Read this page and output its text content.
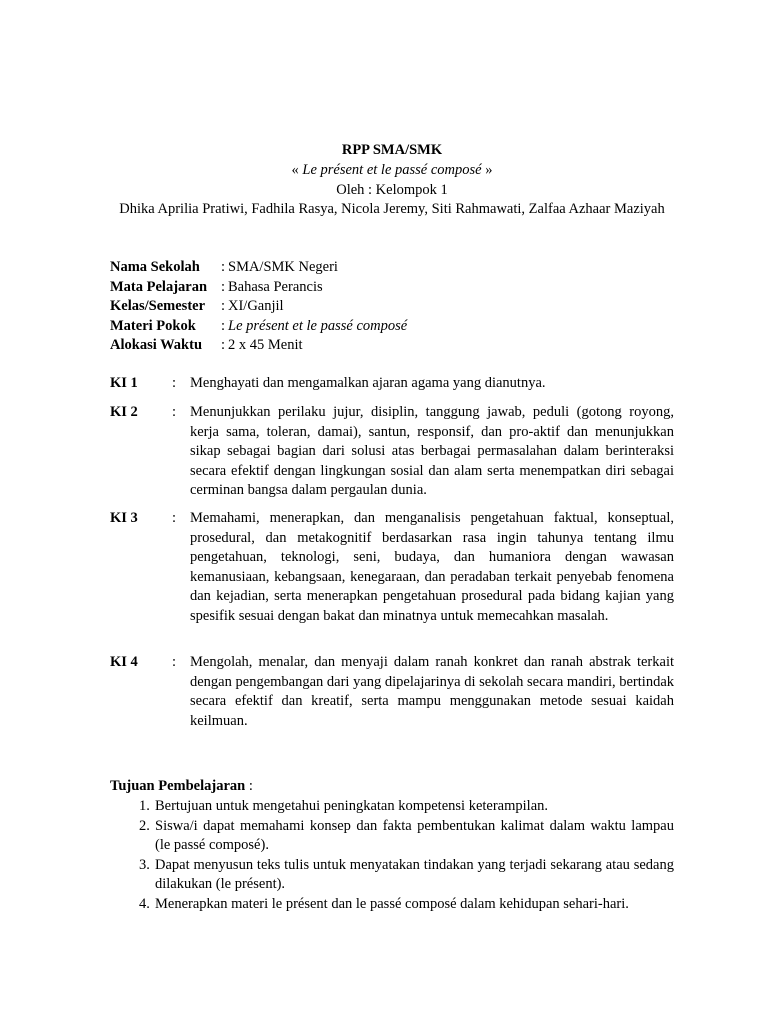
RPP SMA/SMK
« Le présent et le passé composé »
Oleh : Kelompok 1
Dhika Aprilia Pratiwi, Fadhila Rasya, Nicola Jeremy, Siti Rahmawati, Zalfaa Azhaar Maziyah
Nama Sekolah	: SMA/SMK Negeri
Mata Pelajaran : Bahasa Perancis
Kelas/Semester	: XI/Ganjil
Materi Pokok	: Le présent et le passé composé
Alokasi Waktu	: 2 x 45 Menit
KI 1	: Menghayati dan mengamalkan ajaran agama yang dianutnya.
KI 2	: Menunjukkan perilaku jujur, disiplin, tanggung jawab, peduli (gotong royong, kerja sama, toleran, damai), santun, responsif, dan pro-aktif dan menunjukkan sikap sebagai bagian dari solusi atas berbagai permasalahan dalam berinteraksi secara efektif dengan lingkungan sosial dan alam serta menempatkan diri sebagai cerminan bangsa dalam pergaulan dunia.
KI 3	: Memahami, menerapkan, dan menganalisis pengetahuan faktual, konseptual, prosedural, dan metakognitif berdasarkan rasa ingin tahunya tentang ilmu pengetahuan, teknologi, seni, budaya, dan humaniora dengan wawasan kemanusiaan, kebangsaan, kenegaraan, dan peradaban terkait penyebab fenomena dan kejadian, serta menerapkan pengetahuan prosedural pada bidang kajian yang spesifik sesuai dengan bakat dan minatnya untuk memecahkan masalah.
KI 4	: Mengolah, menalar, dan menyaji dalam ranah konkret dan ranah abstrak terkait dengan pengembangan dari yang dipelajarinya di sekolah secara mandiri, bertindak secara efektif dan kreatif, serta mampu menggunakan metode sesuai kaidah keilmuan.
Tujuan Pembelajaran :
1. Bertujuan untuk mengetahui peningkatan kompetensi keterampilan.
2. Siswa/i dapat memahami konsep dan fakta pembentukan kalimat dalam waktu lampau (le passé composé).
3. Dapat menyusun teks tulis untuk menyatakan tindakan yang terjadi sekarang atau sedang dilakukan (le présent).
4. Menerapkan materi le présent dan le passé composé dalam kehidupan sehari-hari.
